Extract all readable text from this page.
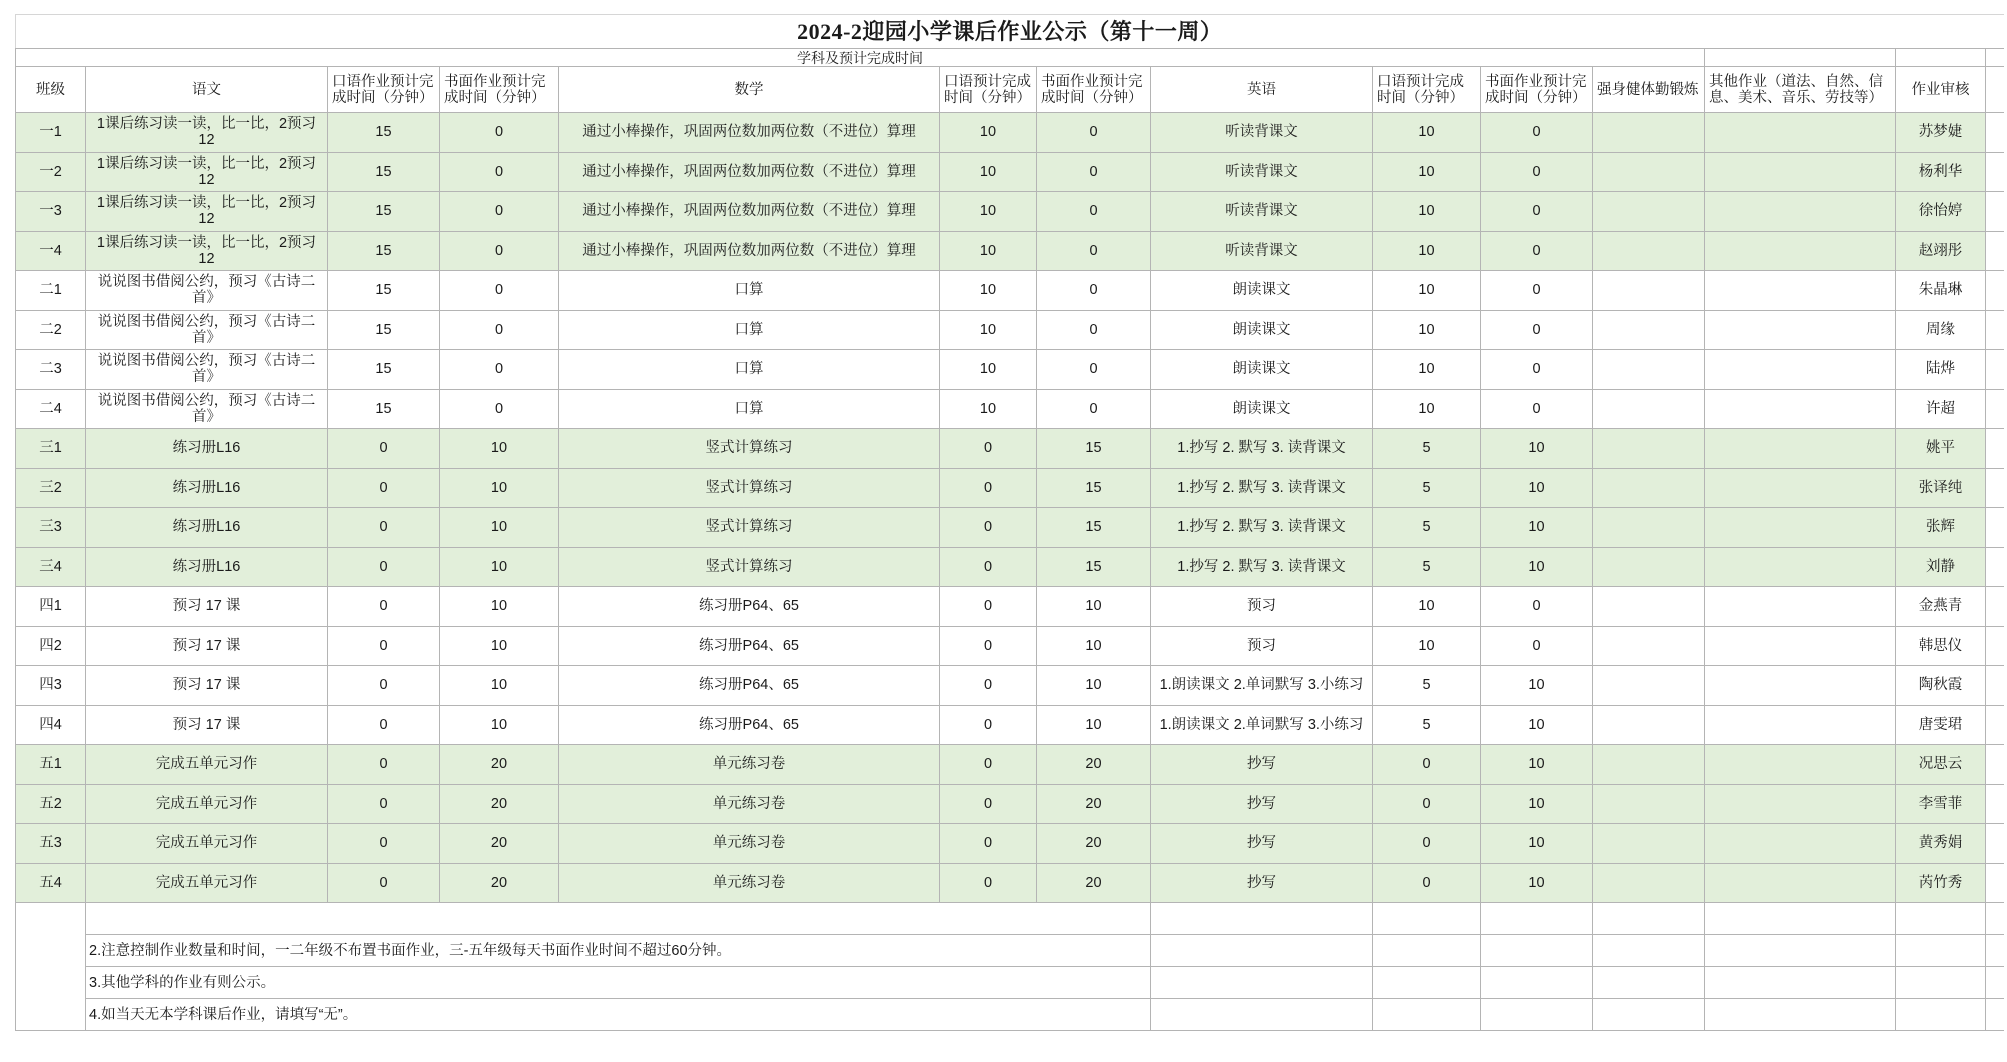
2024-2迎园小学课后作业公示（第十一周）													
学科及预计完成时间													
班级	语文	口语作业预计完成时间（分钟）	书面作业预计完成时间（分钟）	数学	口语预计完成时间（分钟）	书面作业预计完成时间（分钟）	英语	口语预计完成时间（分钟）	书面作业预计完成时间（分钟）	强身健体勤锻炼	其他作业（道法、自然、信息、美术、音乐、劳技等）	作业审核	
一1	1课后练习读一读，比一比，2预习12	15	0	通过小棒操作，巩固两位数加两位数（不进位）算理	10	0	听读背课文	10	0			苏梦婕	
一2	1课后练习读一读，比一比，2预习12	15	0	通过小棒操作，巩固两位数加两位数（不进位）算理	10	0	听读背课文	10	0			杨利华	
一3	1课后练习读一读，比一比，2预习12	15	0	通过小棒操作，巩固两位数加两位数（不进位）算理	10	0	听读背课文	10	0			徐怡婷	
一4	1课后练习读一读，比一比，2预习12	15	0	通过小棒操作，巩固两位数加两位数（不进位）算理	10	0	听读背课文	10	0			赵翊彤	
二1	说说图书借阅公约，预习《古诗二首》	15	0	口算	10	0	朗读课文	10	0			朱晶琳	
二2	说说图书借阅公约，预习《古诗二首》	15	0	口算	10	0	朗读课文	10	0			周缘	
二3	说说图书借阅公约，预习《古诗二首》	15	0	口算	10	0	朗读课文	10	0			陆烨	
二4	说说图书借阅公约，预习《古诗二首》	15	0	口算	10	0	朗读课文	10	0			许超	
三1	练习册L16	0	10	竖式计算练习	0	15	1.抄写 2. 默写 3. 读背课文	5	10			姚平	
三2	练习册L16	0	10	竖式计算练习	0	15	1.抄写 2. 默写 3. 读背课文	5	10			张译纯	
三3	练习册L16	0	10	竖式计算练习	0	15	1.抄写 2. 默写 3. 读背课文	5	10			张辉	
三4	练习册L16	0	10	竖式计算练习	0	15	1.抄写 2. 默写 3. 读背课文	5	10			刘静	
四1	预习 17 课	0	10	练习册P64、65	0	10	预习	10	0			金燕青	
四2	预习 17 课	0	10	练习册P64、65	0	10	预习	10	0			韩思仪	
四3	预习 17 课	0	10	练习册P64、65	0	10	1.朗读课文 2.单词默写 3.小练习	5	10			陶秋霞	
四4	预习 17 课	0	10	练习册P64、65	0	10	1.朗读课文 2.单词默写 3.小练习	5	10			唐雯珺	
五1	完成五单元习作	0	20	单元练习卷	0	20	抄写	0	10			况思云	
五2	完成五单元习作	0	20	单元练习卷	0	20	抄写	0	10			李雪菲	
五3	完成五单元习作	0	20	单元练习卷	0	20	抄写	0	10			黄秀娟	
五4	完成五单元习作	0	20	单元练习卷	0	20	抄写	0	10			芮竹秀	

	2.注意控制作业数量和时间，一二年级不布置书面作业，三-五年级每天书面作业时间不超过60分钟。												
	3.其他学科的作业有则公示。												
	4.如当天无本学科课后作业，请填写“无”。												
